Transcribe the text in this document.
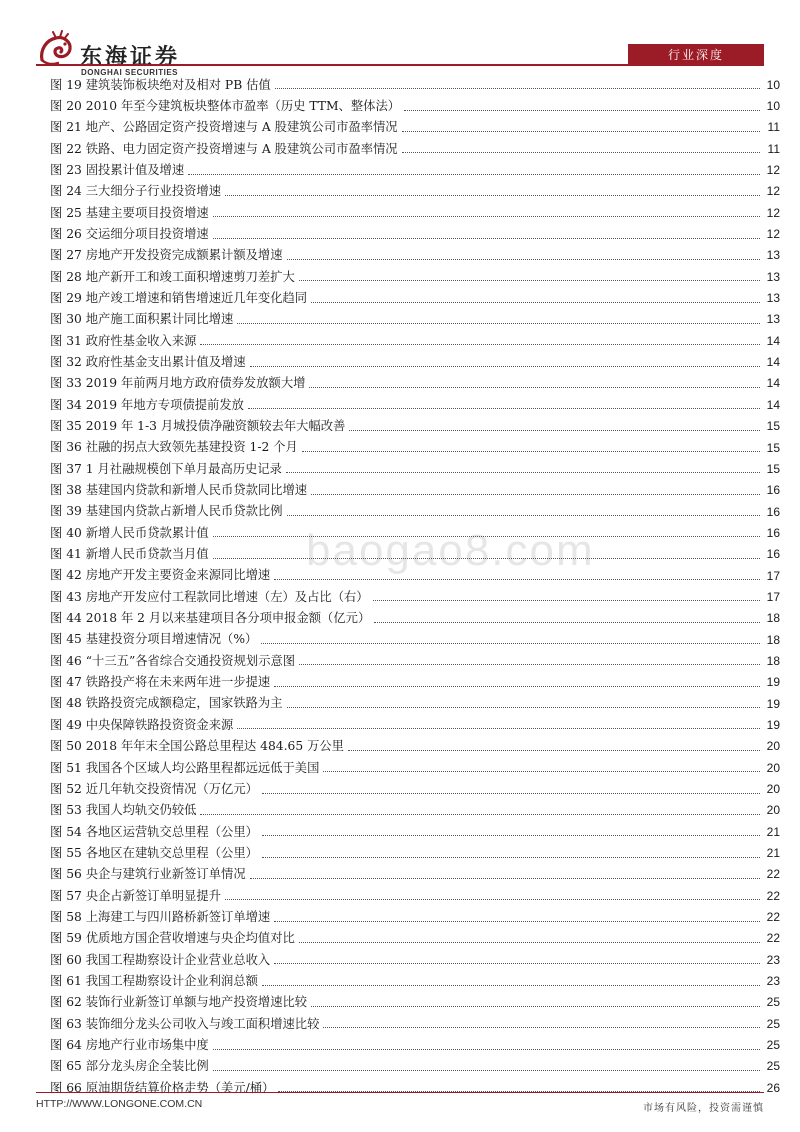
东海证券
DONGHAI SECURITIES
行业深度
baogao8.com
图 19 建筑装饰板块绝对及相对 PB 估值	10
图 20 2010 年至今建筑板块整体市盈率（历史 TTM、整体法）	10
图 21 地产、公路固定资产投资增速与 A 股建筑公司市盈率情况	11
图 22 铁路、电力固定资产投资增速与 A 股建筑公司市盈率情况	11
图 23 固投累计值及增速	12
图 24 三大细分子行业投资增速	12
图 25 基建主要项目投资增速	12
图 26 交运细分项目投资增速	12
图 27 房地产开发投资完成额累计额及增速	13
图 28 地产新开工和竣工面积增速剪刀差扩大	13
图 29 地产竣工增速和销售增速近几年变化趋同	13
图 30 地产施工面积累计同比增速	13
图 31 政府性基金收入来源	14
图 32 政府性基金支出累计值及增速	14
图 33 2019 年前两月地方政府债券发放额大增	14
图 34 2019 年地方专项债提前发放	14
图 35 2019 年 1-3 月城投债净融资额较去年大幅改善	15
图 36 社融的拐点大致领先基建投资 1-2 个月	15
图 37 1 月社融规模创下单月最高历史记录	15
图 38 基建国内贷款和新增人民币贷款同比增速	16
图 39 基建国内贷款占新增人民币贷款比例	16
图 40 新增人民币贷款累计值	16
图 41 新增人民币贷款当月值	16
图 42 房地产开发主要资金来源同比增速	17
图 43 房地产开发应付工程款同比增速（左）及占比（右）	17
图 44 2018 年 2 月以来基建项目各分项申报金额（亿元）	18
图 45 基建投资分项目增速情况（%）	18
图 46 “十三五”各省综合交通投资规划示意图	18
图 47 铁路投产将在未来两年进一步提速	19
图 48 铁路投资完成额稳定，国家铁路为主	19
图 49 中央保障铁路投资资金来源	19
图 50 2018 年年末全国公路总里程达 484.65 万公里	20
图 51 我国各个区域人均公路里程都远远低于美国	20
图 52 近几年轨交投资情况（万亿元）	20
图 53 我国人均轨交仍较低	20
图 54 各地区运营轨交总里程（公里）	21
图 55 各地区在建轨交总里程（公里）	21
图 56 央企与建筑行业新签订单情况	22
图 57 央企占新签订单明显提升	22
图 58 上海建工与四川路桥新签订单增速	22
图 59 优质地方国企营收增速与央企均值对比	22
图 60 我国工程勘察设计企业营业总收入	23
图 61 我国工程勘察设计企业利润总额	23
图 62 装饰行业新签订单额与地产投资增速比较	25
图 63 装饰细分龙头公司收入与竣工面积增速比较	25
图 64 房地产行业市场集中度	25
图 65 部分龙头房企全装比例	25
图 66 原油期货结算价格走势（美元/桶）	26
HTTP://WWW.LONGONE.COM.CN	市场有风险，投资需谨慎
